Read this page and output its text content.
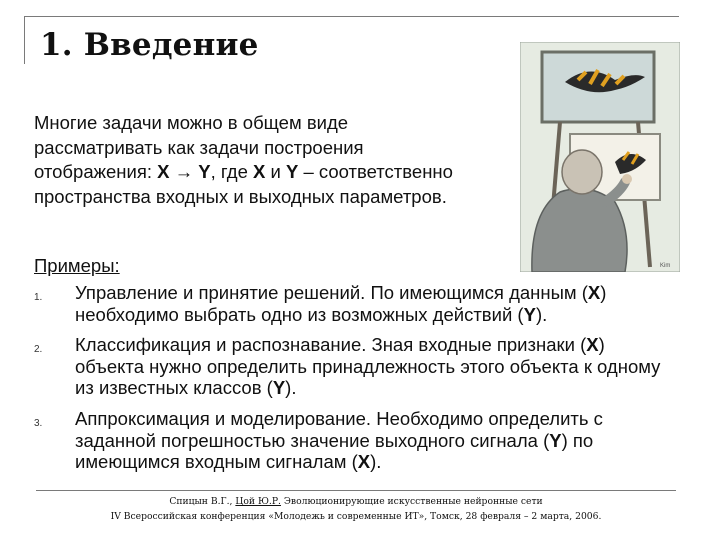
1. Введение
Многие задачи можно в общем виде рассматривать как задачи построения отображения: X → Y, где X и Y – соответственно пространства входных и выходных параметров.
Примеры:
1. Управление и принятие решений. По имеющимся данным (X) необходимо выбрать одно из возможных действий (Y).
2. Классификация и распознавание. Зная входные признаки (X) объекта нужно определить принадлежность этого объекта к одному из известных классов (Y).
3. Аппроксимация и моделирование. Необходимо определить с заданной погрешностью значение выходного сигнала (Y) по имеющимся входным сигналам (X).
Kim
Спицын В.Г., Цой Ю.Р. Эволюционирующие искусственные нейронные сети
IV Всероссийская конференция «Молодежь и современные ИТ», Томск, 28 февраля – 2 марта, 2006.
